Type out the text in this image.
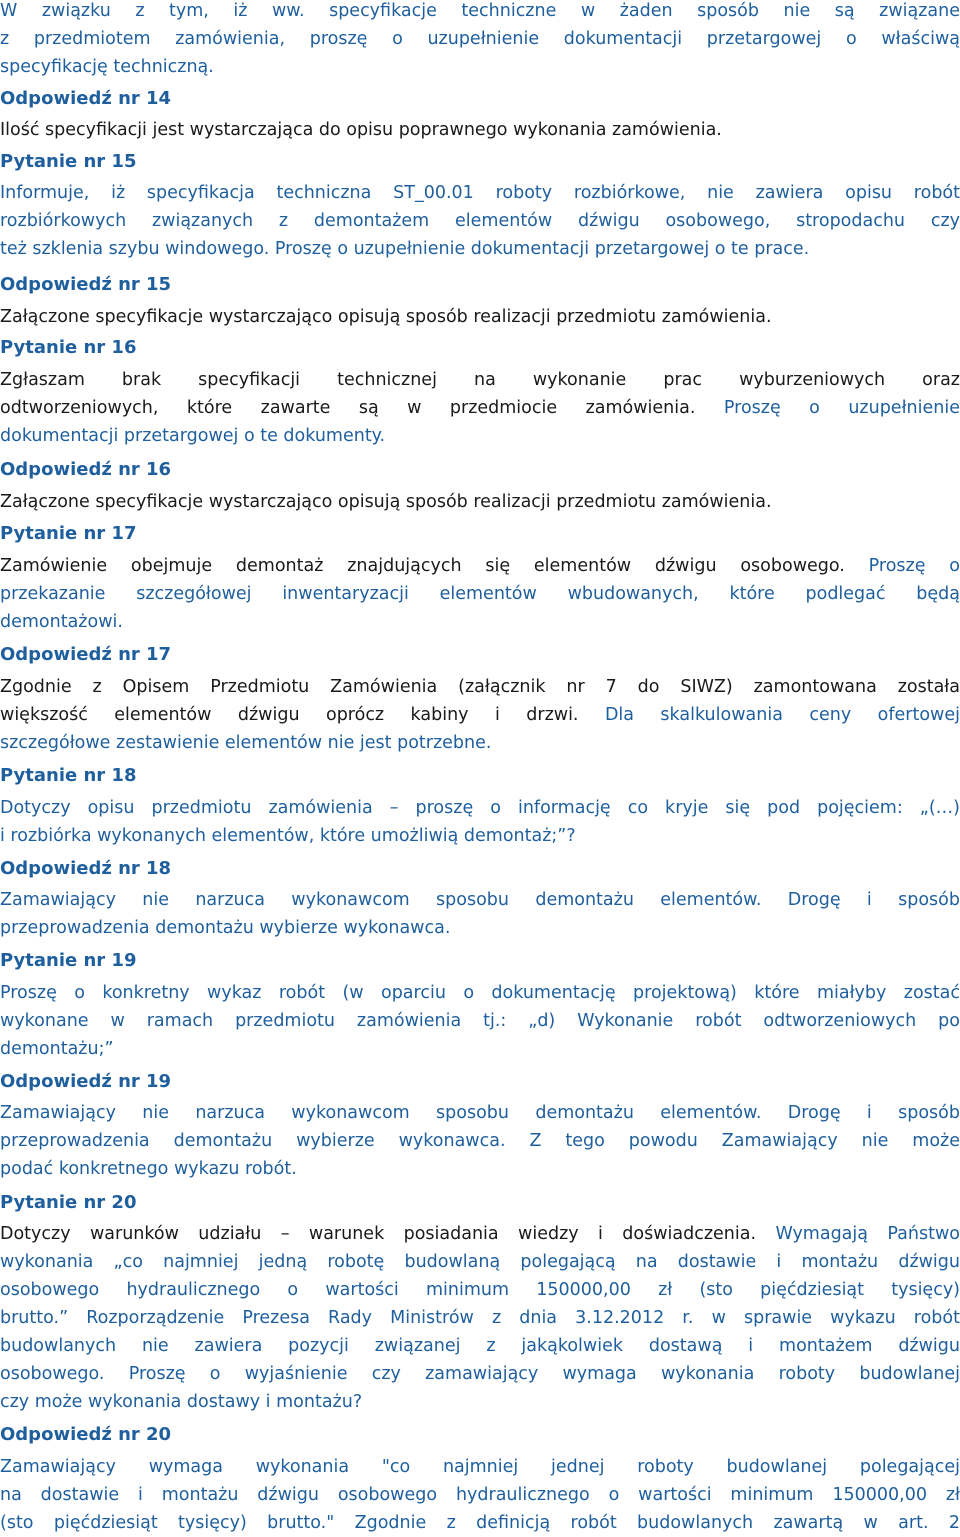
W związku z tym, iż ww. specyfikacje techniczne w żaden sposób nie są związane
z przedmiotem zamówienia, proszę o uzupełnienie dokumentacji przetargowej o właściwą
specyfikację techniczną.
Odpowiedź nr 14
Ilość specyfikacji jest wystarczająca do opisu poprawnego wykonania zamówienia.
Pytanie nr 15
Informuje, iż specyfikacja techniczna ST_00.01 roboty rozbiórkowe, nie zawiera opisu robót
rozbiórkowych związanych z demontażem elementów dźwigu osobowego, stropodachu czy
też szklenia szybu windowego. Proszę o uzupełnienie dokumentacji przetargowej o te prace.
Odpowiedź nr 15
Załączone specyfikacje wystarczająco opisują sposób realizacji przedmiotu zamówienia.
Pytanie nr 16
Zgłaszam brak specyfikacji technicznej na wykonanie prac wyburzeniowych oraz
odtworzeniowych, które zawarte są w przedmiocie zamówienia. Proszę o uzupełnienie
dokumentacji przetargowej o te dokumenty.
Odpowiedź nr 16
Załączone specyfikacje wystarczająco opisują sposób realizacji przedmiotu zamówienia.
Pytanie nr 17
Zamówienie obejmuje demontaż znajdujących się elementów dźwigu osobowego. Proszę o
przekazanie szczegółowej inwentaryzacji elementów wbudowanych, które podlegać będą
demontażowi.
Odpowiedź nr 17
Zgodnie z Opisem Przedmiotu Zamówienia (załącznik nr 7 do SIWZ) zamontowana została
większość elementów dźwigu oprócz kabiny i drzwi. Dla skalkulowania ceny ofertowej
szczegółowe zestawienie elementów nie jest potrzebne.
Pytanie nr 18
Dotyczy opisu przedmiotu zamówienia – proszę o informację co kryje się pod pojęciem: „(…)
i rozbiórka wykonanych elementów, które umożliwią demontaż;”?
Odpowiedź nr 18
Zamawiający nie narzuca wykonawcom sposobu demontażu elementów. Drogę i sposób
przeprowadzenia demontażu wybierze wykonawca.
Pytanie nr 19
Proszę o konkretny wykaz robót (w oparciu o dokumentację projektową) które miałyby zostać
wykonane w ramach przedmiotu zamówienia tj.: „d) Wykonanie robót odtworzeniowych po
demontażu;”
Odpowiedź nr 19
Zamawiający nie narzuca wykonawcom sposobu demontażu elementów. Drogę i sposób
przeprowadzenia demontażu wybierze wykonawca. Z tego powodu Zamawiający nie może
podać konkretnego wykazu robót.
Pytanie nr 20
Dotyczy warunków udziału – warunek posiadania wiedzy i doświadczenia. Wymagają Państwo
wykonania „co najmniej jedną robotę budowlaną polegającą na dostawie i montażu dźwigu
osobowego hydraulicznego o wartości minimum 150000,00 zł (sto pięćdziesiąt tysięcy)
brutto.” Rozporządzenie Prezesa Rady Ministrów z dnia 3.12.2012 r. w sprawie wykazu robót
budowlanych nie zawiera pozycji związanej z jakąkolwiek dostawą i montażem dźwigu
osobowego. Proszę o wyjaśnienie czy zamawiający wymaga wykonania roboty budowlanej
czy może wykonania dostawy i montażu?
Odpowiedź nr 20
Zamawiający wymaga wykonania "co najmniej jednej roboty budowlanej polegającej
na dostawie i montażu dźwigu osobowego hydraulicznego o wartości minimum 150000,00 zł
(sto pięćdziesiąt tysięcy) brutto." Zgodnie z definicją robót budowlanych zawartą w art. 2
